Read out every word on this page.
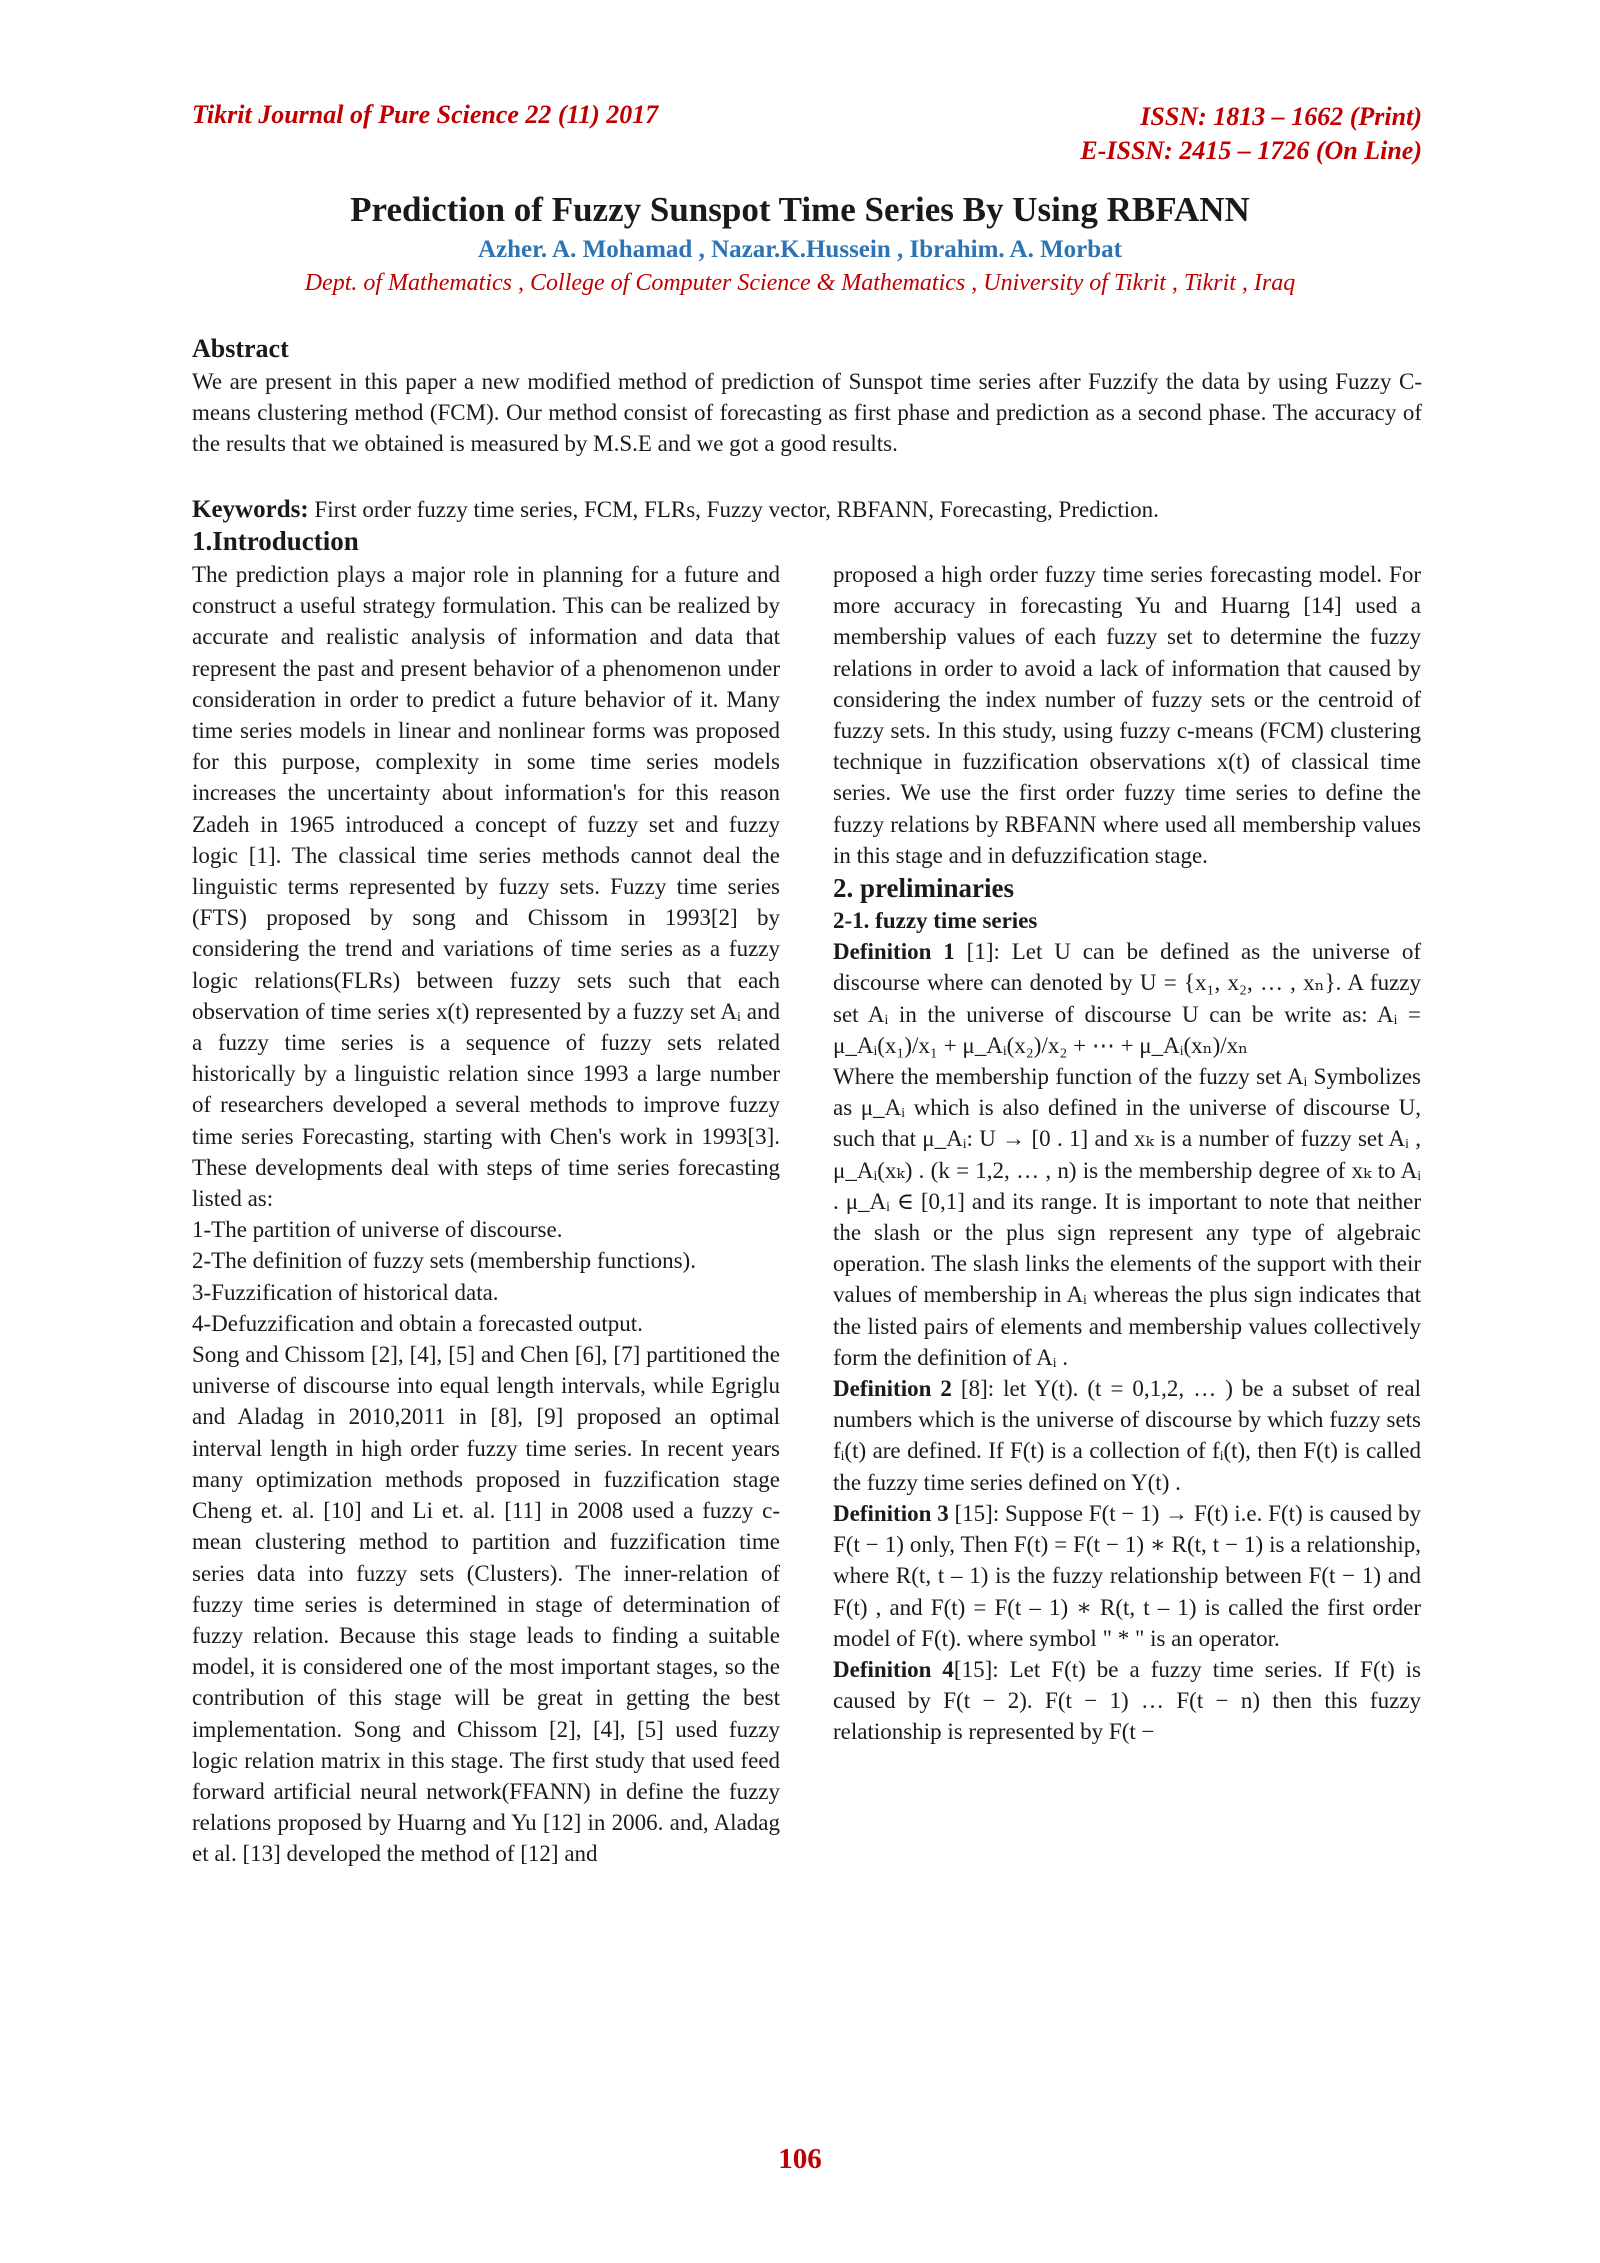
Tikrit Journal of Pure Science 22 (11) 2017	ISSN: 1813 – 1662 (Print)
E-ISSN: 2415 – 1726 (On Line)
Prediction of Fuzzy Sunspot Time Series By Using RBFANN
Azher. A. Mohamad , Nazar.K.Hussein , Ibrahim. A. Morbat
Dept. of Mathematics , College of Computer Science & Mathematics , University of Tikrit , Tikrit , Iraq
Abstract
We are present in this paper a new modified method of prediction of Sunspot time series after Fuzzify the data by using Fuzzy C-means clustering method (FCM). Our method consist of forecasting as first phase and prediction as a second phase. The accuracy of the results that we obtained is measured by M.S.E and we got a good results.
Keywords: First order fuzzy time series, FCM, FLRs, Fuzzy vector, RBFANN, Forecasting, Prediction.
1.Introduction

The prediction plays a major role in planning for a future and construct a useful strategy formulation. This can be realized by accurate and realistic analysis of information and data that represent the past and present behavior of a phenomenon under consideration in order to predict a future behavior of it. Many time series models in linear and nonlinear forms was proposed for this purpose, complexity in some time series models increases the uncertainty about information's for this reason Zadeh in 1965 introduced a concept of fuzzy set and fuzzy logic [1]. The classical time series methods cannot deal the linguistic terms represented by fuzzy sets. Fuzzy time series (FTS) proposed by song and Chissom in 1993[2] by considering the trend and variations of time series as a fuzzy logic relations(FLRs) between fuzzy sets such that each observation of time series x(t) represented by a fuzzy set Aᵢ and a fuzzy time series is a sequence of fuzzy sets related historically by a linguistic relation since 1993 a large number of researchers developed a several methods to improve fuzzy time series Forecasting, starting with Chen's work in 1993[3]. These developments deal with steps of time series forecasting listed as:

1-The partition of universe of discourse.

2-The definition of fuzzy sets (membership functions).

3-Fuzzification of historical data.

4-Defuzzification and obtain a forecasted output.

Song and Chissom [2], [4], [5] and Chen [6], [7] partitioned the universe of discourse into equal length intervals, while Egriglu and Aladag in 2010,2011 in [8], [9] proposed an optimal interval length in high order fuzzy time series. In recent years many optimization methods proposed in fuzzification stage Cheng et. al. [10] and Li et. al. [11] in 2008 used a fuzzy c-mean clustering method to partition and fuzzification time series data into fuzzy sets (Clusters). The inner-relation of fuzzy time series is determined in stage of determination of fuzzy relation. Because this stage leads to finding a suitable model, it is considered one of the most important stages, so the contribution of this stage will be great in getting the best implementation. Song and Chissom [2], [4], [5] used fuzzy logic relation matrix in this stage. The first study that used feed forward artificial neural network(FFANN) in define the fuzzy relations proposed by Huarng and Yu [12] in 2006. and, Aladag et al. [13] developed the method of [12] and

proposed a high order fuzzy time series forecasting model. For more accuracy in forecasting Yu and Huarng [14] used a membership values of each fuzzy set to determine the fuzzy relations in order to avoid a lack of information that caused by considering the index number of fuzzy sets or the centroid of fuzzy sets. In this study, using fuzzy c-means (FCM) clustering technique in fuzzification observations x(t) of classical time series. We use the first order fuzzy time series to define the fuzzy relations by RBFANN where used all membership values in this stage and in defuzzification stage.

2. preliminaries

2-1. fuzzy time series

Definition 1 [1]: Let U can be defined as the universe of discourse where can denoted by U = {x₁, x₂, … , xₙ}. A fuzzy set Aᵢ in the universe of discourse U can be write as: Aᵢ = μ_Aᵢ(x₁)/x₁ + μ_Aᵢ(x₂)/x₂ + ⋯ + μ_Aᵢ(xₙ)/xₙ

Where the membership function of the fuzzy set Aᵢ Symbolizes as μ_Aᵢ which is also defined in the universe of discourse U, such that μ_Aᵢ: U → [0 . 1] and xₖ is a number of fuzzy set Aᵢ , μ_Aᵢ(xₖ) . (k = 1,2, … , n) is the membership degree of xₖ to Aᵢ . μ_Aᵢ ∈ [0,1] and its range. It is important to note that neither the slash or the plus sign represent any type of algebraic operation. The slash links the elements of the support with their values of membership in Aᵢ whereas the plus sign indicates that the listed pairs of elements and membership values collectively form the definition of Aᵢ .

Definition 2 [8]: let Y(t). (t = 0,1,2, … ) be a subset of real numbers which is the universe of discourse by which fuzzy sets fᵢ(t) are defined. If F(t) is a collection of fᵢ(t), then F(t) is called the fuzzy time series defined on Y(t) .

Definition 3 [15]: Suppose F(t − 1) → F(t) i.e. F(t) is caused by F(t − 1) only, Then F(t) = F(t − 1) ∗ R(t, t − 1) is a relationship, where R(t, t – 1) is the fuzzy relationship between F(t − 1) and F(t) , and F(t) = F(t – 1) ∗ R(t, t – 1) is called the first order model of F(t). where symbol " * " is an operator.

Definition 4[15]: Let F(t) be a fuzzy time series. If F(t) is caused by F(t − 2). F(t − 1) … F(t − n) then this fuzzy relationship is represented by F(t −

106
